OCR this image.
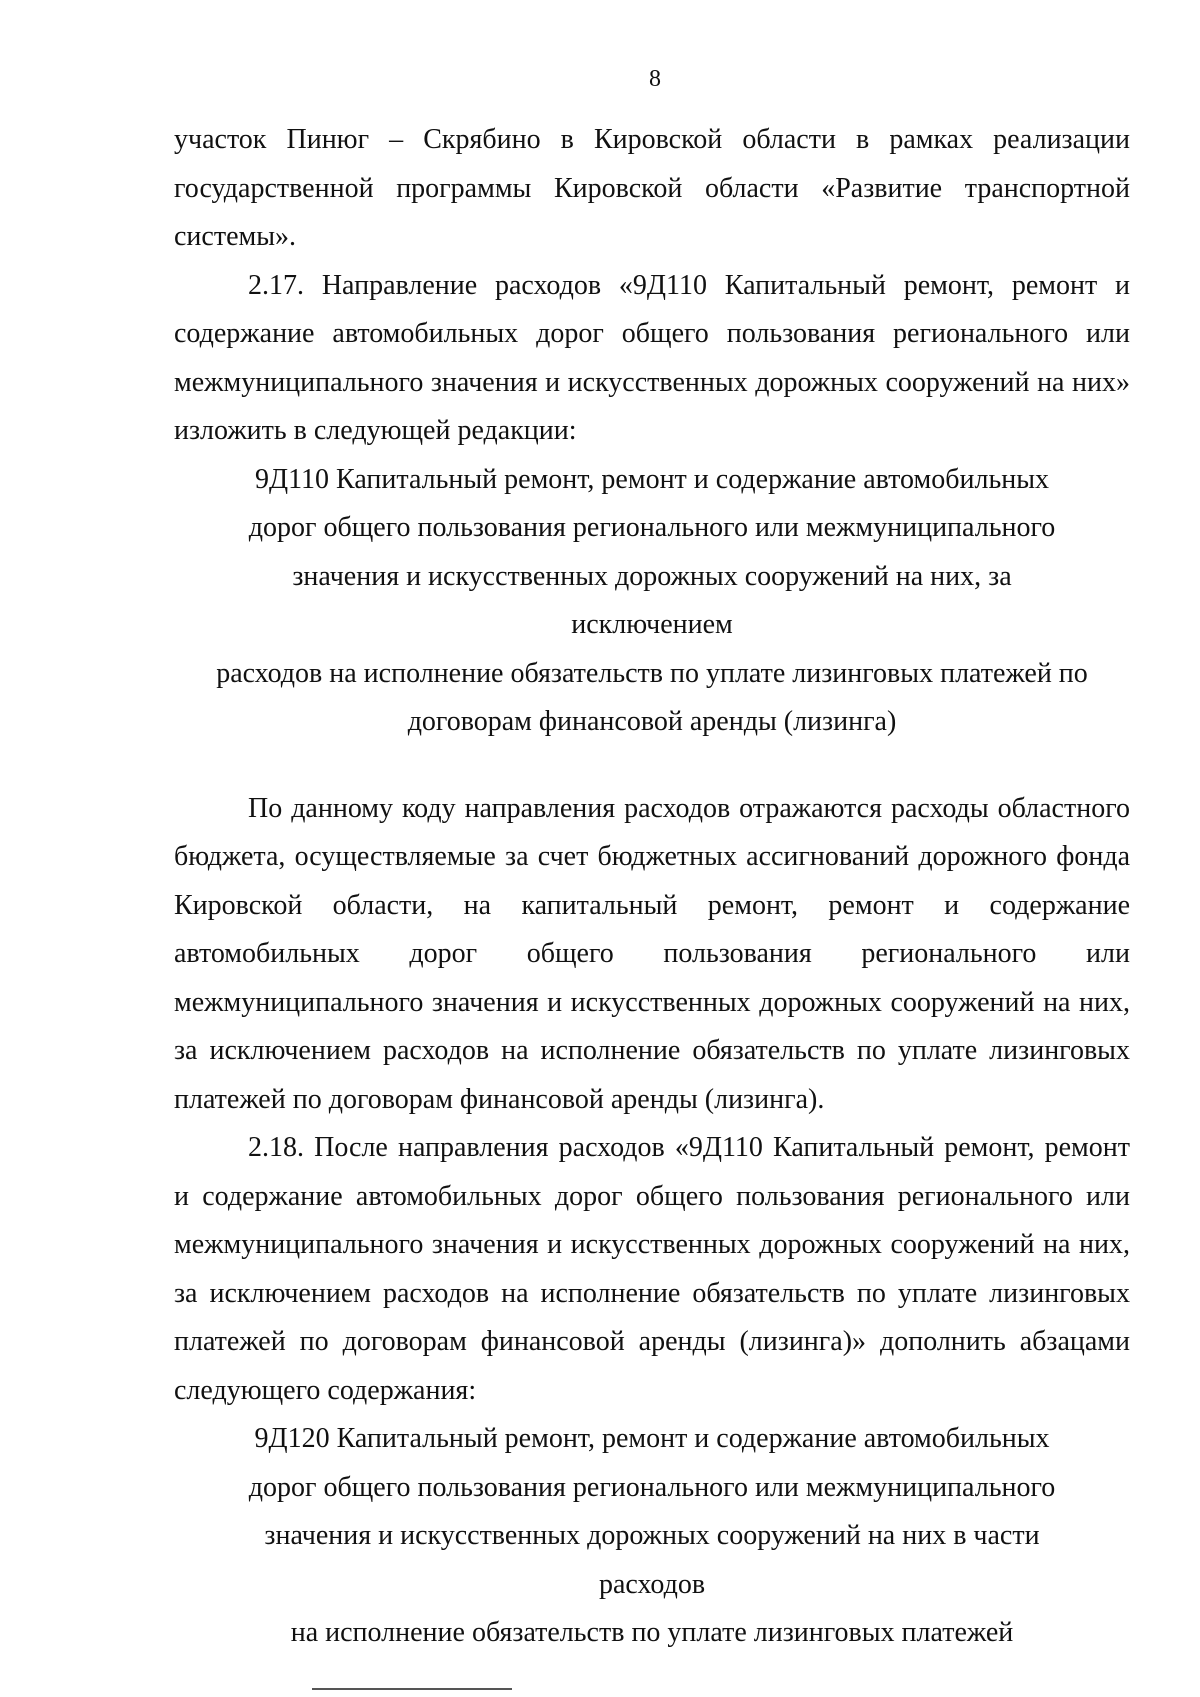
8

участок Пинюг – Скрябино в Кировской области в рамках реализации государственной программы Кировской области «Развитие транспортной системы».

2.17. Направление расходов «9Д110 Капитальный ремонт, ремонт и содержание автомобильных дорог общего пользования регионального или межмуниципального значения и искусственных дорожных сооружений на них» изложить в следующей редакции:

9Д110 Капитальный ремонт, ремонт и содержание автомобильных
дорог общего пользования регионального или межмуниципального
значения и искусственных дорожных сооружений на них, за исключением
расходов на исполнение обязательств по уплате лизинговых платежей по
договорам финансовой аренды (лизинга)

По данному коду направления расходов отражаются расходы областного бюджета, осуществляемые за счет бюджетных ассигнований дорожного фонда Кировской области, на капитальный ремонт, ремонт и содержание автомобильных дорог общего пользования регионального или межмуниципального значения и искусственных дорожных сооружений на них, за исключением расходов на исполнение обязательств по уплате лизинговых платежей по договорам финансовой аренды (лизинга).

2.18. После направления расходов «9Д110 Капитальный ремонт, ремонт и содержание автомобильных дорог общего пользования регионального или межмуниципального значения и искусственных дорожных сооружений на них, за исключением расходов на исполнение обязательств по уплате лизинговых платежей по договорам финансовой аренды (лизинга)» дополнить абзацами следующего содержания:

9Д120 Капитальный ремонт, ремонт и содержание автомобильных
дорог общего пользования регионального или межмуниципального
значения и искусственных дорожных сооружений на них в части расходов
на исполнение обязательств по уплате лизинговых платежей
